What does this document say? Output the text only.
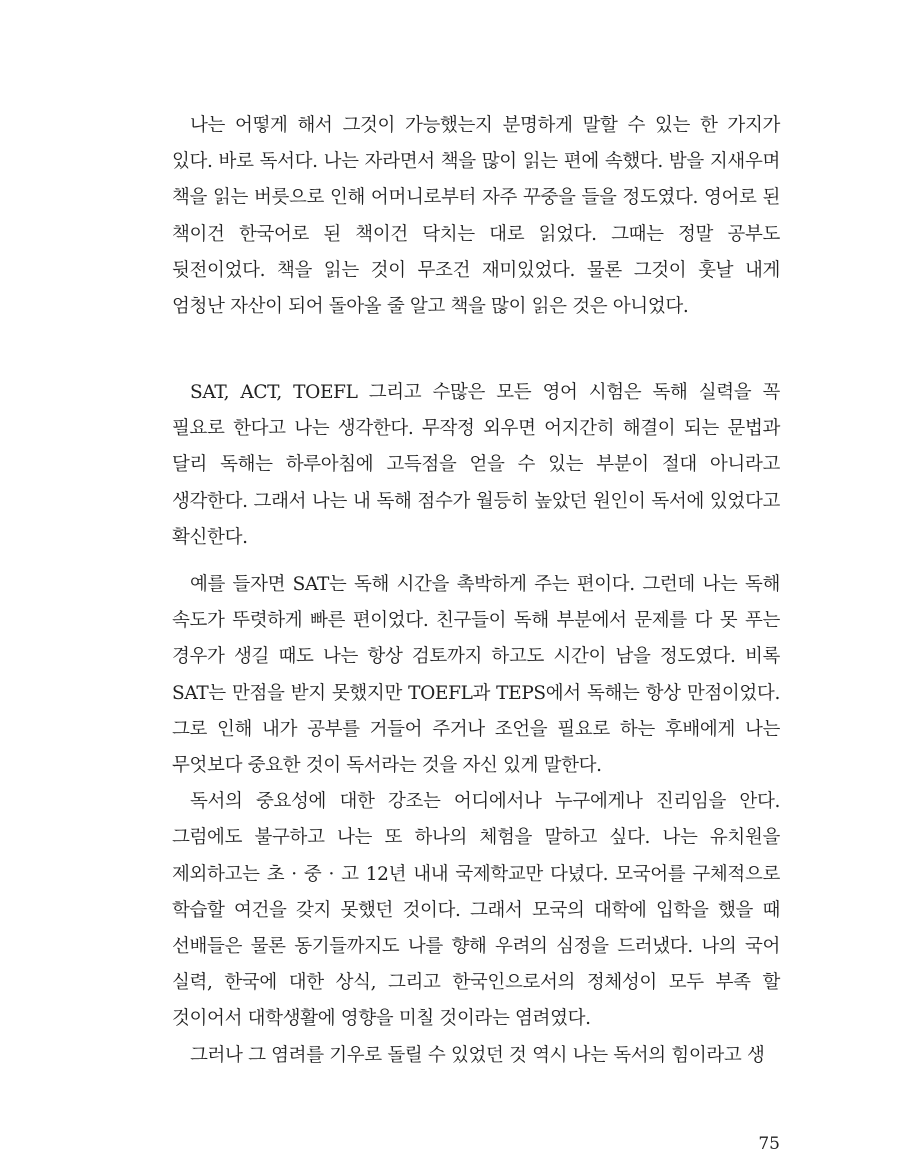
나는 어떻게 해서 그것이 가능했는지 분명하게 말할 수 있는 한 가지가 있다. 바로 독서다. 나는 자라면서 책을 많이 읽는 편에 속했다. 밤을 지새우며 책을 읽는 버릇으로 인해 어머니로부터 자주 꾸중을 들을 정도였다. 영어로 된 책이건 한국어로 된 책이건 닥치는 대로 읽었다. 그때는 정말 공부도 뒷전이었다. 책을 읽는 것이 무조건 재미있었다. 물론 그것이 훗날 내게 엄청난 자산이 되어 돌아올 줄 알고 책을 많이 읽은 것은 아니었다.

SAT, ACT, TOEFL 그리고 수많은 모든 영어 시험은 독해 실력을 꼭 필요로 한다고 나는 생각한다. 무작정 외우면 어지간히 해결이 되는 문법과 달리 독해는 하루아침에 고득점을 얻을 수 있는 부분이 절대 아니라고 생각한다. 그래서 나는 내 독해 점수가 월등히 높았던 원인이 독서에 있었다고 확신한다.

예를 들자면 SAT는 독해 시간을 촉박하게 주는 편이다. 그런데 나는 독해 속도가 뚜렷하게 빠른 편이었다. 친구들이 독해 부분에서 문제를 다 못 푸는 경우가 생길 때도 나는 항상 검토까지 하고도 시간이 남을 정도였다. 비록 SAT는 만점을 받지 못했지만 TOEFL과 TEPS에서 독해는 항상 만점이었다. 그로 인해 내가 공부를 거들어 주거나 조언을 필요로 하는 후배에게 나는 무엇보다 중요한 것이 독서라는 것을 자신 있게 말한다.

독서의 중요성에 대한 강조는 어디에서나 누구에게나 진리임을 안다. 그럼에도 불구하고 나는 또 하나의 체험을 말하고 싶다. 나는 유치원을 제외하고는 초 · 중 · 고 12년 내내 국제학교만 다녔다. 모국어를 구체적으로 학습할 여건을 갖지 못했던 것이다. 그래서 모국의 대학에 입학을 했을 때 선배들은 물론 동기들까지도 나를 향해 우려의 심정을 드러냈다. 나의 국어 실력, 한국에 대한 상식, 그리고 한국인으로서의 정체성이 모두 부족 할 것이어서 대학생활에 영향을 미칠 것이라는 염려였다.

그러나 그 염려를 기우로 돌릴 수 있었던 것 역시 나는 독서의 힘이라고 생

75
